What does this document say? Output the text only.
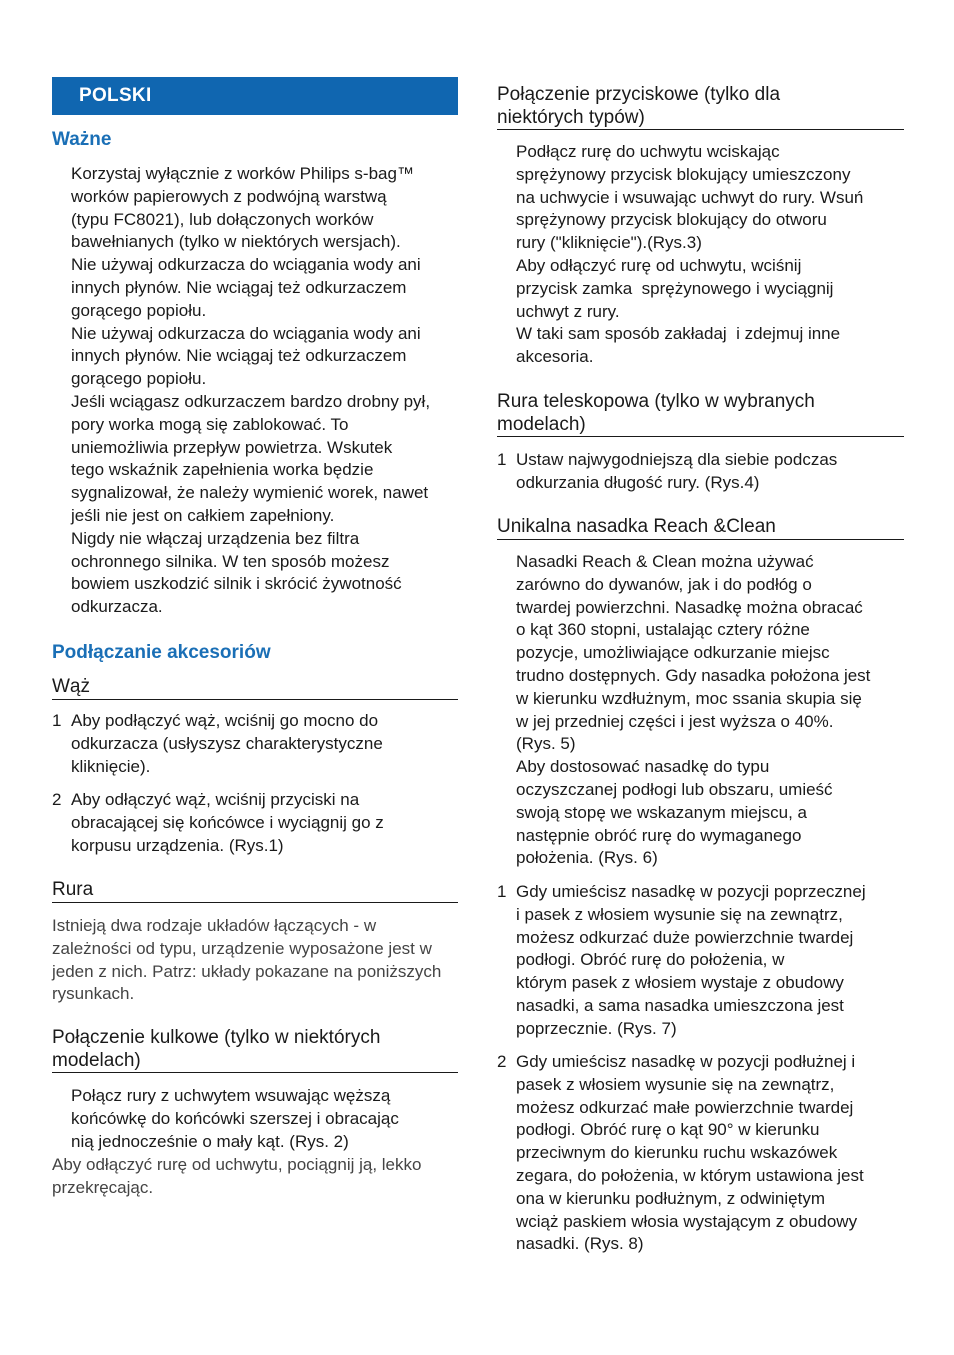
POLSKI
Ważne
Korzystaj wyłącznie z worków Philips s-bag™
worków papierowych z podwójną warstwą
(typu FC8021), lub dołączonych worków
bawełnianych (tylko w niektórych wersjach).
Nie używaj odkurzacza do wciągania wody ani
innych płynów. Nie wciągaj też odkurzaczem
gorącego popiołu.
Nie używaj odkurzacza do wciągania wody ani
innych płynów. Nie wciągaj też odkurzaczem
gorącego popiołu.
Jeśli wciągasz odkurzaczem bardzo drobny pył,
pory worka mogą się zablokować. To
uniemożliwia przepływ powietrza. Wskutek
tego wskaźnik zapełnienia worka będzie
sygnalizował, że należy wymienić worek, nawet
jeśli nie jest on całkiem zapełniony.
Nigdy nie włączaj urządzenia bez filtra
ochronnego silnika. W ten sposób możesz
bowiem uszkodzić silnik i skrócić żywotność
odkurzacza.
Podłączanie akcesoriów
Wąż
1 Aby podłączyć wąż, wciśnij go mocno do
odkurzacza (usłyszysz charakterystyczne
kliknięcie).
2 Aby odłączyć wąż, wciśnij przyciski na
obracającej się końcówce i wyciągnij go z
korpusu urządzenia. (Rys.1)
Rura
Istnieją dwa rodzaje układów łączących - w
zależności od typu, urządzenie wyposażone jest w
jeden z nich. Patrz: układy pokazane na poniższych
rysunkach.
Połączenie kulkowe (tylko w niektórych
modelach)
Połącz rury z uchwytem wsuwając węższą
końcówkę do końcówki szerszej i obracając
nią jednocześnie o mały kąt. (Rys. 2)
Aby odłączyć rurę od uchwytu, pociągnij ją, lekko
przekręcając.
Połączenie przyciskowe (tylko dla
niektórych typów)
Podłącz rurę do uchwytu wciskając
sprężynowy przycisk blokujący umieszczony
na uchwycie i wsuwając uchwyt do rury. Wsuń
sprężynowy przycisk blokujący do otworu
rury ("kliknięcie").(Rys.3)
Aby odłączyć rurę od uchwytu, wciśnij
przycisk zamka  sprężynowego i wyciągnij
uchwyt z rury.
W taki sam sposób zakładaj  i zdejmuj inne
akcesoria.
Rura teleskopowa (tylko w wybranych
modelach)
1 Ustaw najwygodniejszą dla siebie podczas
odkurzania długość rury. (Rys.4)
Unikalna nasadka Reach &Clean
Nasadki Reach & Clean można używać
zarówno do dywanów, jak i do podłóg o
twardej powierzchni. Nasadkę można obracać
o kąt 360 stopni, ustalając cztery różne
pozycje, umożliwiające odkurzanie miejsc
trudno dostępnych. Gdy nasadka położona jest
w kierunku wzdłużnym, moc ssania skupia się
w jej przedniej części i jest wyższa o 40%.
(Rys. 5)
Aby dostosować nasadkę do typu
oczyszczanej podłogi lub obszaru, umieść
swoją stopę we wskazanym miejscu, a
następnie obróć rurę do wymaganego
położenia. (Rys. 6)
1 Gdy umieścisz nasadkę w pozycji poprzecznej
i pasek z włosiem wysunie się na zewnątrz,
możesz odkurzać duże powierzchnie twardej
podłogi. Obróć rurę do położenia, w
którym pasek z włosiem wystaje z obudowy
nasadki, a sama nasadka umieszczona jest
poprzecznie. (Rys. 7)
2 Gdy umieścisz nasadkę w pozycji podłużnej i
pasek z włosiem wysunie się na zewnątrz,
możesz odkurzać małe powierzchnie twardej
podłogi. Obróć rurę o kąt 90° w kierunku
przeciwnym do kierunku ruchu wskazówek
zegara, do położenia, w którym ustawiona jest
ona w kierunku podłużnym, z odwiniętym
wciąż paskiem włosia wystającym z obudowy
nasadki. (Rys. 8)
